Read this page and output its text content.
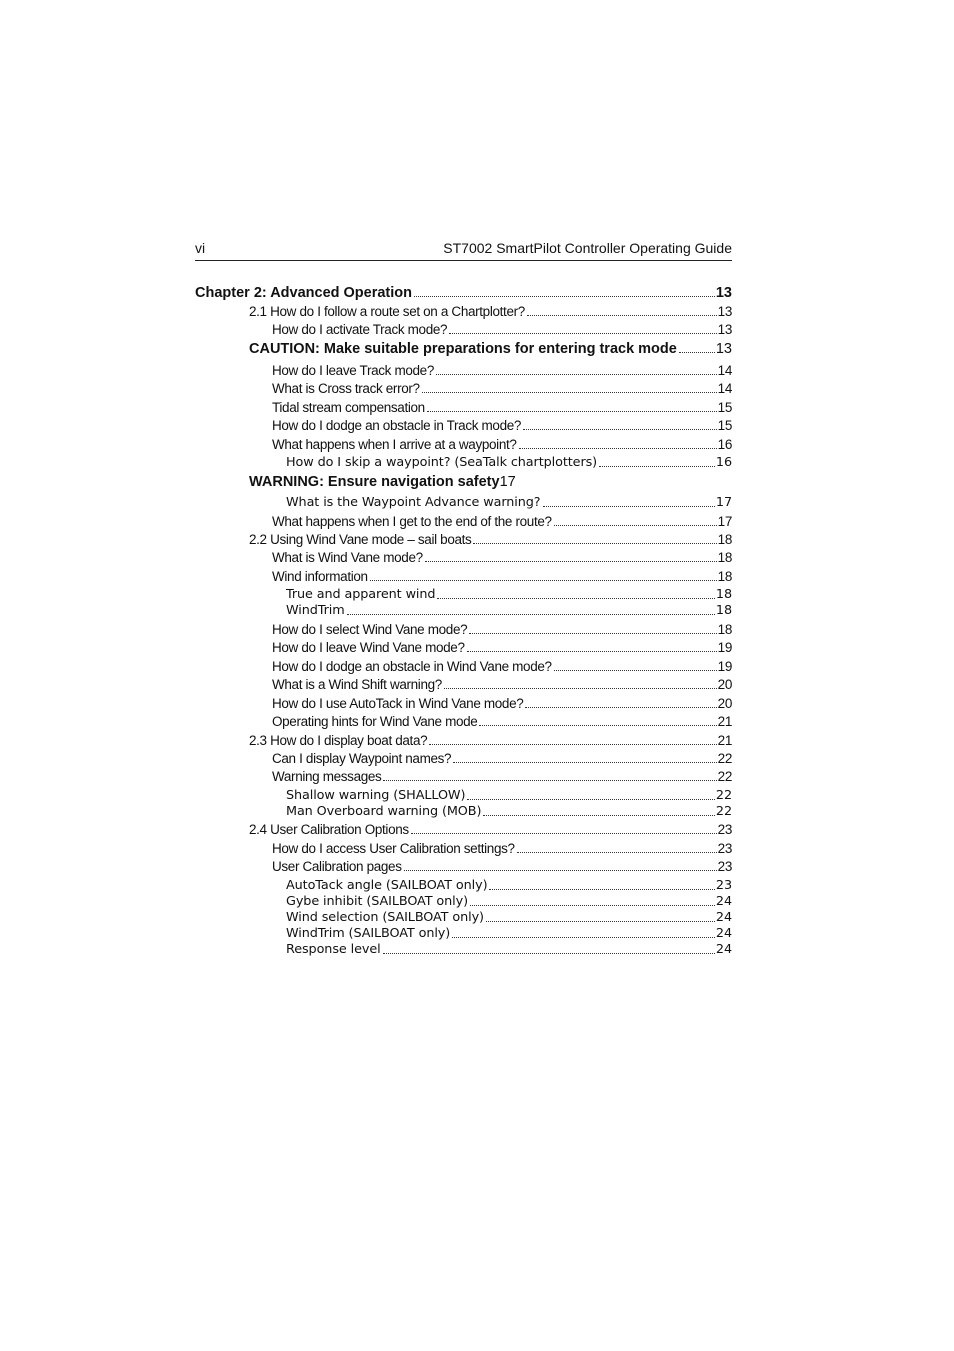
vi	ST7002 SmartPilot Controller Operating Guide
Chapter 2: Advanced Operation	13
2.1 How do I follow a route set on a Chartplotter?	13
How do I activate Track mode?	13
CAUTION: Make suitable preparations for entering track mode	13
How do I leave Track mode?	14
What is Cross track error?	14
Tidal stream compensation	15
How do I dodge an obstacle in Track mode?	15
What happens when I arrive at a waypoint?	16
How do I skip a waypoint? (SeaTalk chartplotters)	16
WARNING: Ensure navigation safety 17
What is the Waypoint Advance warning?	17
What happens when I get to the end of the route?	17
2.2 Using Wind Vane mode – sail boats	18
What is Wind Vane mode?	18
Wind information	18
True and apparent wind	18
WindTrim	18
How do I select Wind Vane mode?	18
How do I leave Wind Vane mode?	19
How do I dodge an obstacle in Wind Vane mode?	19
What is a Wind Shift warning?	20
How do I use AutoTack in Wind Vane mode?	20
Operating hints for Wind Vane mode	21
2.3 How do I display boat data?	21
Can I display Waypoint names?	22
Warning messages	22
Shallow warning (SHALLOW)	22
Man Overboard warning (MOB)	22
2.4 User Calibration Options	23
How do I access User Calibration settings?	23
User Calibration pages	23
AutoTack angle (SAILBOAT only)	23
Gybe inhibit (SAILBOAT only)	24
Wind selection (SAILBOAT only)	24
WindTrim (SAILBOAT only)	24
Response level	24
